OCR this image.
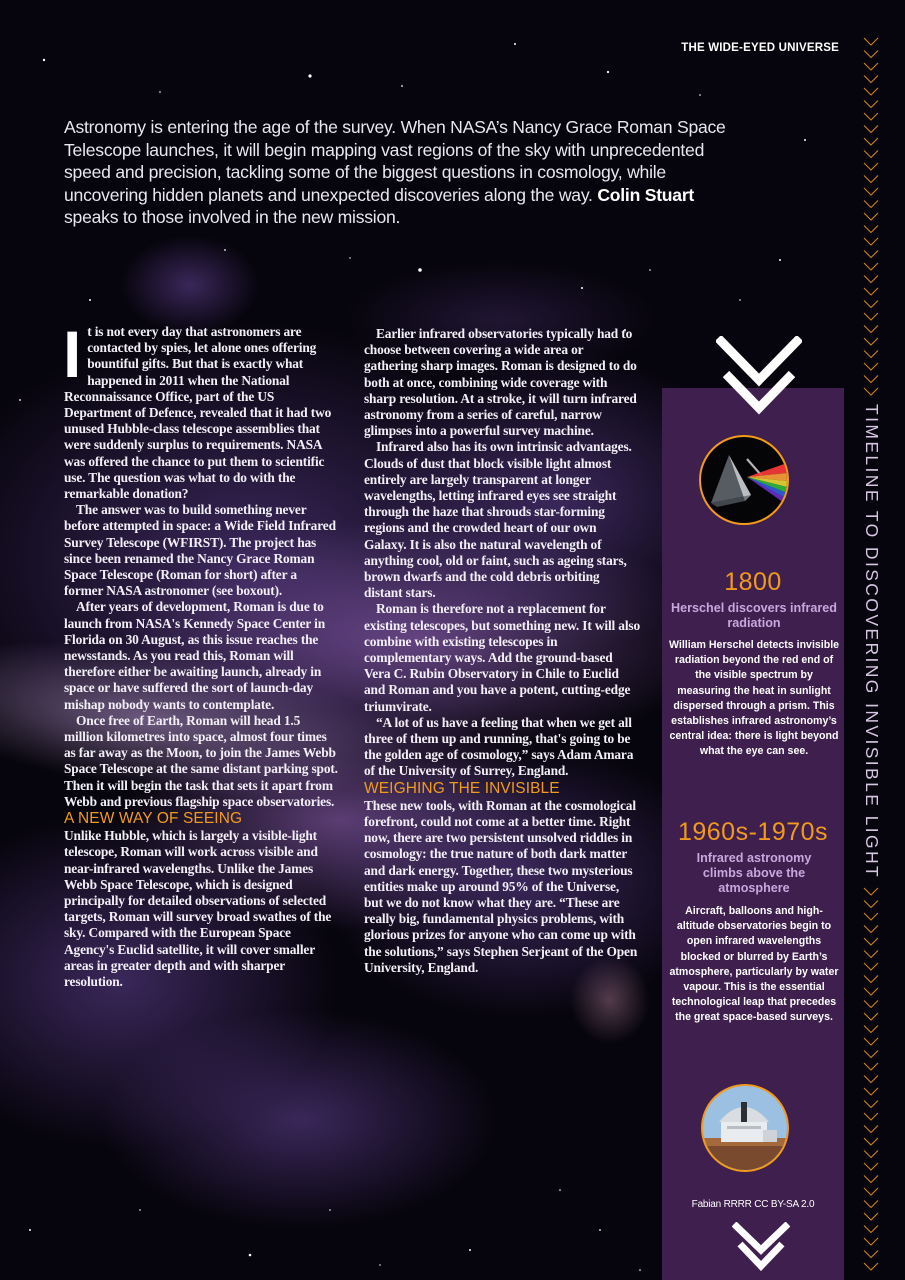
THE WIDE-EYED UNIVERSE
Astronomy is entering the age of the survey. When NASA’s Nancy Grace Roman Space Telescope launches, it will begin mapping vast regions of the sky with unprecedented speed and precision, tackling some of the biggest questions in cosmology, while uncovering hidden planets and unexpected discoveries along the way. Colin Stuart speaks to those involved in the new mission.

It is not every day that astronomers are contacted by spies, let alone ones offering bountiful gifts. But that is exactly what happened in 2011 when the National Reconnaissance Office, part of the US Department of Defence, revealed that it had two unused Hubble-class telescope assemblies that were suddenly surplus to requirements. NASA was offered the chance to put them to scientific use. The question was what to do with the remarkable donation?

The answer was to build something never before attempted in space: a Wide Field Infrared Survey Telescope (WFIRST). The project has since been renamed the Nancy Grace Roman Space Telescope (Roman for short) after a former NASA astronomer (see boxout).

After years of development, Roman is due to launch from NASA's Kennedy Space Center in Florida on 30 August, as this issue reaches the newsstands. As you read this, Roman will therefore either be awaiting launch, already in space or have suffered the sort of launch-day mishap nobody wants to contemplate.

Once free of Earth, Roman will head 1.5 million kilometres into space, almost four times as far away as the Moon, to join the James Webb Space Telescope at the same distant parking spot. Then it will begin the task that sets it apart from Webb and previous flagship space observatories.

A NEW WAY OF SEEING

Unlike Hubble, which is largely a visible-light telescope, Roman will work across visible and near-infrared wavelengths. Unlike the James Webb Space Telescope, which is designed principally for detailed observations of selected targets, Roman will survey broad swathes of the sky. Compared with the European Space Agency's Euclid satellite, it will cover smaller areas in greater depth and with sharper resolution.

Earlier infrared observatories typically had to choose between covering a wide area or gathering sharp images. Roman is designed to do both at once, combining wide coverage with sharp resolution. At a stroke, it will turn infrared astronomy from a series of careful, narrow glimpses into a powerful survey machine.

Infrared also has its own intrinsic advantages. Clouds of dust that block visible light almost entirely are largely transparent at longer wavelengths, letting infrared eyes see straight through the haze that shrouds star-forming regions and the crowded heart of our own Galaxy. It is also the natural wavelength of anything cool, old or faint, such as ageing stars, brown dwarfs and the cold debris orbiting distant stars.

Roman is therefore not a replacement for existing telescopes, but something new. It will also combine with existing telescopes in complementary ways. Add the ground-based Vera C. Rubin Observatory in Chile to Euclid and Roman and you have a potent, cutting-edge triumvirate.

“A lot of us have a feeling that when we get all three of them up and running, that's going to be the golden age of cosmology,” says Adam Amara of the University of Surrey, England.

WEIGHING THE INVISIBLE

These new tools, with Roman at the cosmological forefront, could not come at a better time. Right now, there are two persistent unsolved riddles in cosmology: the true nature of both dark matter and dark energy. Together, these two mysterious entities make up around 95% of the Universe, but we do not know what they are. “These are really big, fundamental physics problems, with glorious prizes for anyone who can come up with the solutions,” says Stephen Serjeant of the Open University, England.

TIMELINE TO DISCOVERING INVISIBLE LIGHT
1800
Herschel discovers infrared radiation
William Herschel detects invisible radiation beyond the red end of the visible spectrum by measuring the heat in sunlight dispersed through a prism. This establishes infrared astronomy’s central idea: there is light beyond what the eye can see.
1960s-1970s
Infrared astronomy climbs above the atmosphere
Aircraft, balloons and high-altitude observatories begin to open infrared wavelengths blocked or blurred by Earth’s atmosphere, particularly by water vapour. This is the essential technological leap that precedes the great space-based surveys.
Fabian RRRR CC BY-SA 2.0
